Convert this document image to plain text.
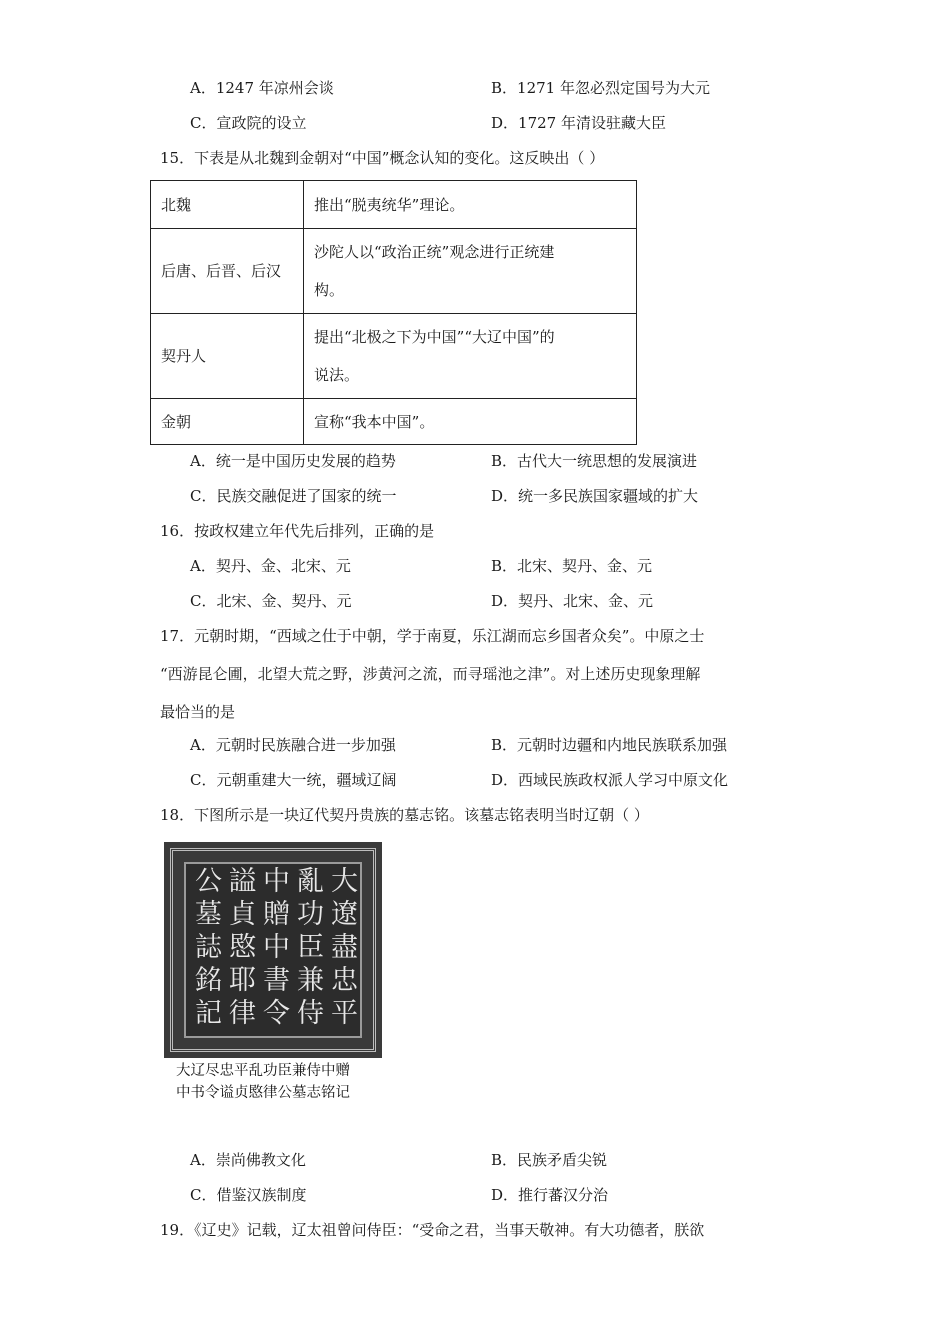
A．1247 年凉州会谈	B．1271 年忽必烈定国号为大元
C．宣政院的设立	D．1727 年清设驻藏大臣
15．下表是从北魏到金朝对“中国”概念认知的变化。这反映出（ ）
北魏	推出“脱夷统华”理论。
后唐、后晋、后汉	沙陀人以“政治正统”观念进行正统建
构。
契丹人	提出“北极之下为中国”“大辽中国”的
说法。
金朝	宣称“我本中国”。
A．统一是中国历史发展的趋势	B．古代大一统思想的发展演进
C．民族交融促进了国家的统一	D．统一多民族国家疆域的扩大
16．按政权建立年代先后排列，正确的是
A．契丹、金、北宋、元	B．北宋、契丹、金、元
C．北宋、金、契丹、元	D．契丹、北宋、金、元
17．元朝时期，“西域之仕于中朝，学于南夏，乐江湖而忘乡国者众矣”。中原之士
“西游昆仑圃，北望大荒之野，涉黄河之流，而寻瑶池之津”。对上述历史现象理解
最恰当的是
A．元朝时民族融合进一步加强	B．元朝时边疆和内地民族联系加强
C．元朝重建大一统，疆域辽阔	D．西域民族政权派人学习中原文化
18．下图所示是一块辽代契丹贵族的墓志铭。该墓志铭表明当时辽朝（ ）
大遼盡忠平
亂功臣兼侍
中贈中書令
謚貞愍耶律
公墓誌銘記
大辽尽忠平乱功臣兼侍中赠
中书令谥贞愍律公墓志铭记
A．崇尚佛教文化	B．民族矛盾尖锐
C．借鉴汉族制度	D．推行蕃汉分治
19．《辽史》记载，辽太祖曾问侍臣：“受命之君，当事天敬神。有大功德者，朕欲
